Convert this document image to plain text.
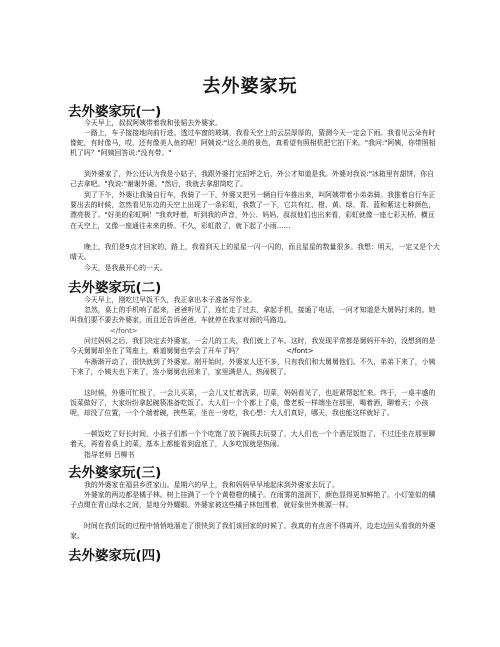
去外婆家玩
去外婆家玩(一)

今天早上，叔叔阿姨带着我和张韬去外婆家。

一路上，车子接接地向前行进。透过车窗的玻璃，我看天空上的云层厚厚的，猜测今天一定会下雨。我看见云朵有时像蛇，有时像马，哎，还有像美人鱼的呢！阿姨说:"这么美的景色，真希望有照相机把它拍下来。"我问:"阿姨，你带照相机了吗？"阿姨回答说:"没有带。"

到外婆家了，外公还认为我是小姑子，我跟外婆打完招呼之后，外公才知道是我。外婆对我说:"冰箱里有甜饼，你自己去拿吧。"我说:"谢谢外婆。"然后，我就去拿甜筒吃了。

到了下午，外婆让我骑自行车，我骑了一下，外婆又把另一辆自行车推出来，叫阿姨带着小弟弟骑。我推着自行车正要出去的时候，忽然看见东边的天空上出现了一条彩虹，我数了一下，它共有红、橙、黄、绿、青、蓝和紫这七种颜色，漂亮极了。"好美的彩虹啊！"我欢呼着，听到我的声音，外公、妈妈、叔叔他们也出来看，彩虹就像一座七彩天桥，横亘在天空上，又像一座通往未来的桥。不久，彩虹散了，就下起了小雨……

晚上，我们是9点才回家的，路上，我看到天上的星星一闪一闪的，而且星星的数量很多。我想：明天，一定又是个大晴天。

今天，是我最开心的一天。

去外婆家玩(二)

今天早上，刚吃过早饭不久，我正拿出本子准备写作业。

忽然，桌上的手机响了起来，爸爸听见了，连忙走了过去，拿起手机，接通了电话，一问才知道是大舅妈打来的。她叫我们要不要去外婆家，而且还告诉爸爸，车就停在我家对面的马路边。

</font>

问过妈妈之后，我们决定去外婆家。一会儿的工夫，我们就上了车。这时，我发现平常都是舅妈开车的，没想到的是今天舅舅却坐在了驾座上，难道舅舅也学会了开车了吗？                    </font>

车渐渐开动了，很快就到了外婆家。刚开始时，外婆家人还不多，只有我们和大舅舅他们。不久，弟弟下来了，小姨下来了，小姨夫也下来了，连小舅舅也回来了，家里满是人，热闹极了。

这时候，外婆可忙极了，一会儿买菜，一会儿又忙着洗菜，切菜，妈妈看见了，也赶紧帮起忙来。终于，一桌丰盛的饭菜做好了，大家纷纷拿起碗筷准备吃饭了。大人们一个个都上了桌，像老板一样端坐在那里，喝着酒，聊着天；小孩呢，却没了位置，一个个端着碗，挟些菜，坐在一旁吃，我心想：大人们真好，哪天，我也能这样就好了。

一顿饭吃了好长时间，小孩子们都一个个吃饱了放下碗筷去玩耍了，大人们也一个个酒足饭饱了，不过还坐在那里聊着天，再看看桌上的菜，基本上都能看到盘底了，人多吃饭就是热闹。

指导老师 吕柳书

去外婆家玩(三)

我的外婆家在福县乡匠家山。星期六的早上，我和妈妈早早地起床到外婆家去玩了。

外婆家的两边都是橘子林。树上挂满了一个个黄橙橙的橘子。在雨雾的滋润下，颜色显得更加鲜艳了。小灯笼似的橘子点缀在青山绿水之间，显地分外耀眼。外婆家被这些橘子林包围着，就好象世外桃源一样。

时间在我们玩的过程中悄悄地溜走了很快到了我们该回家的时候了。我真的有点舍不得离开，边走边回头看我的外婆家。

去外婆家玩(四)
